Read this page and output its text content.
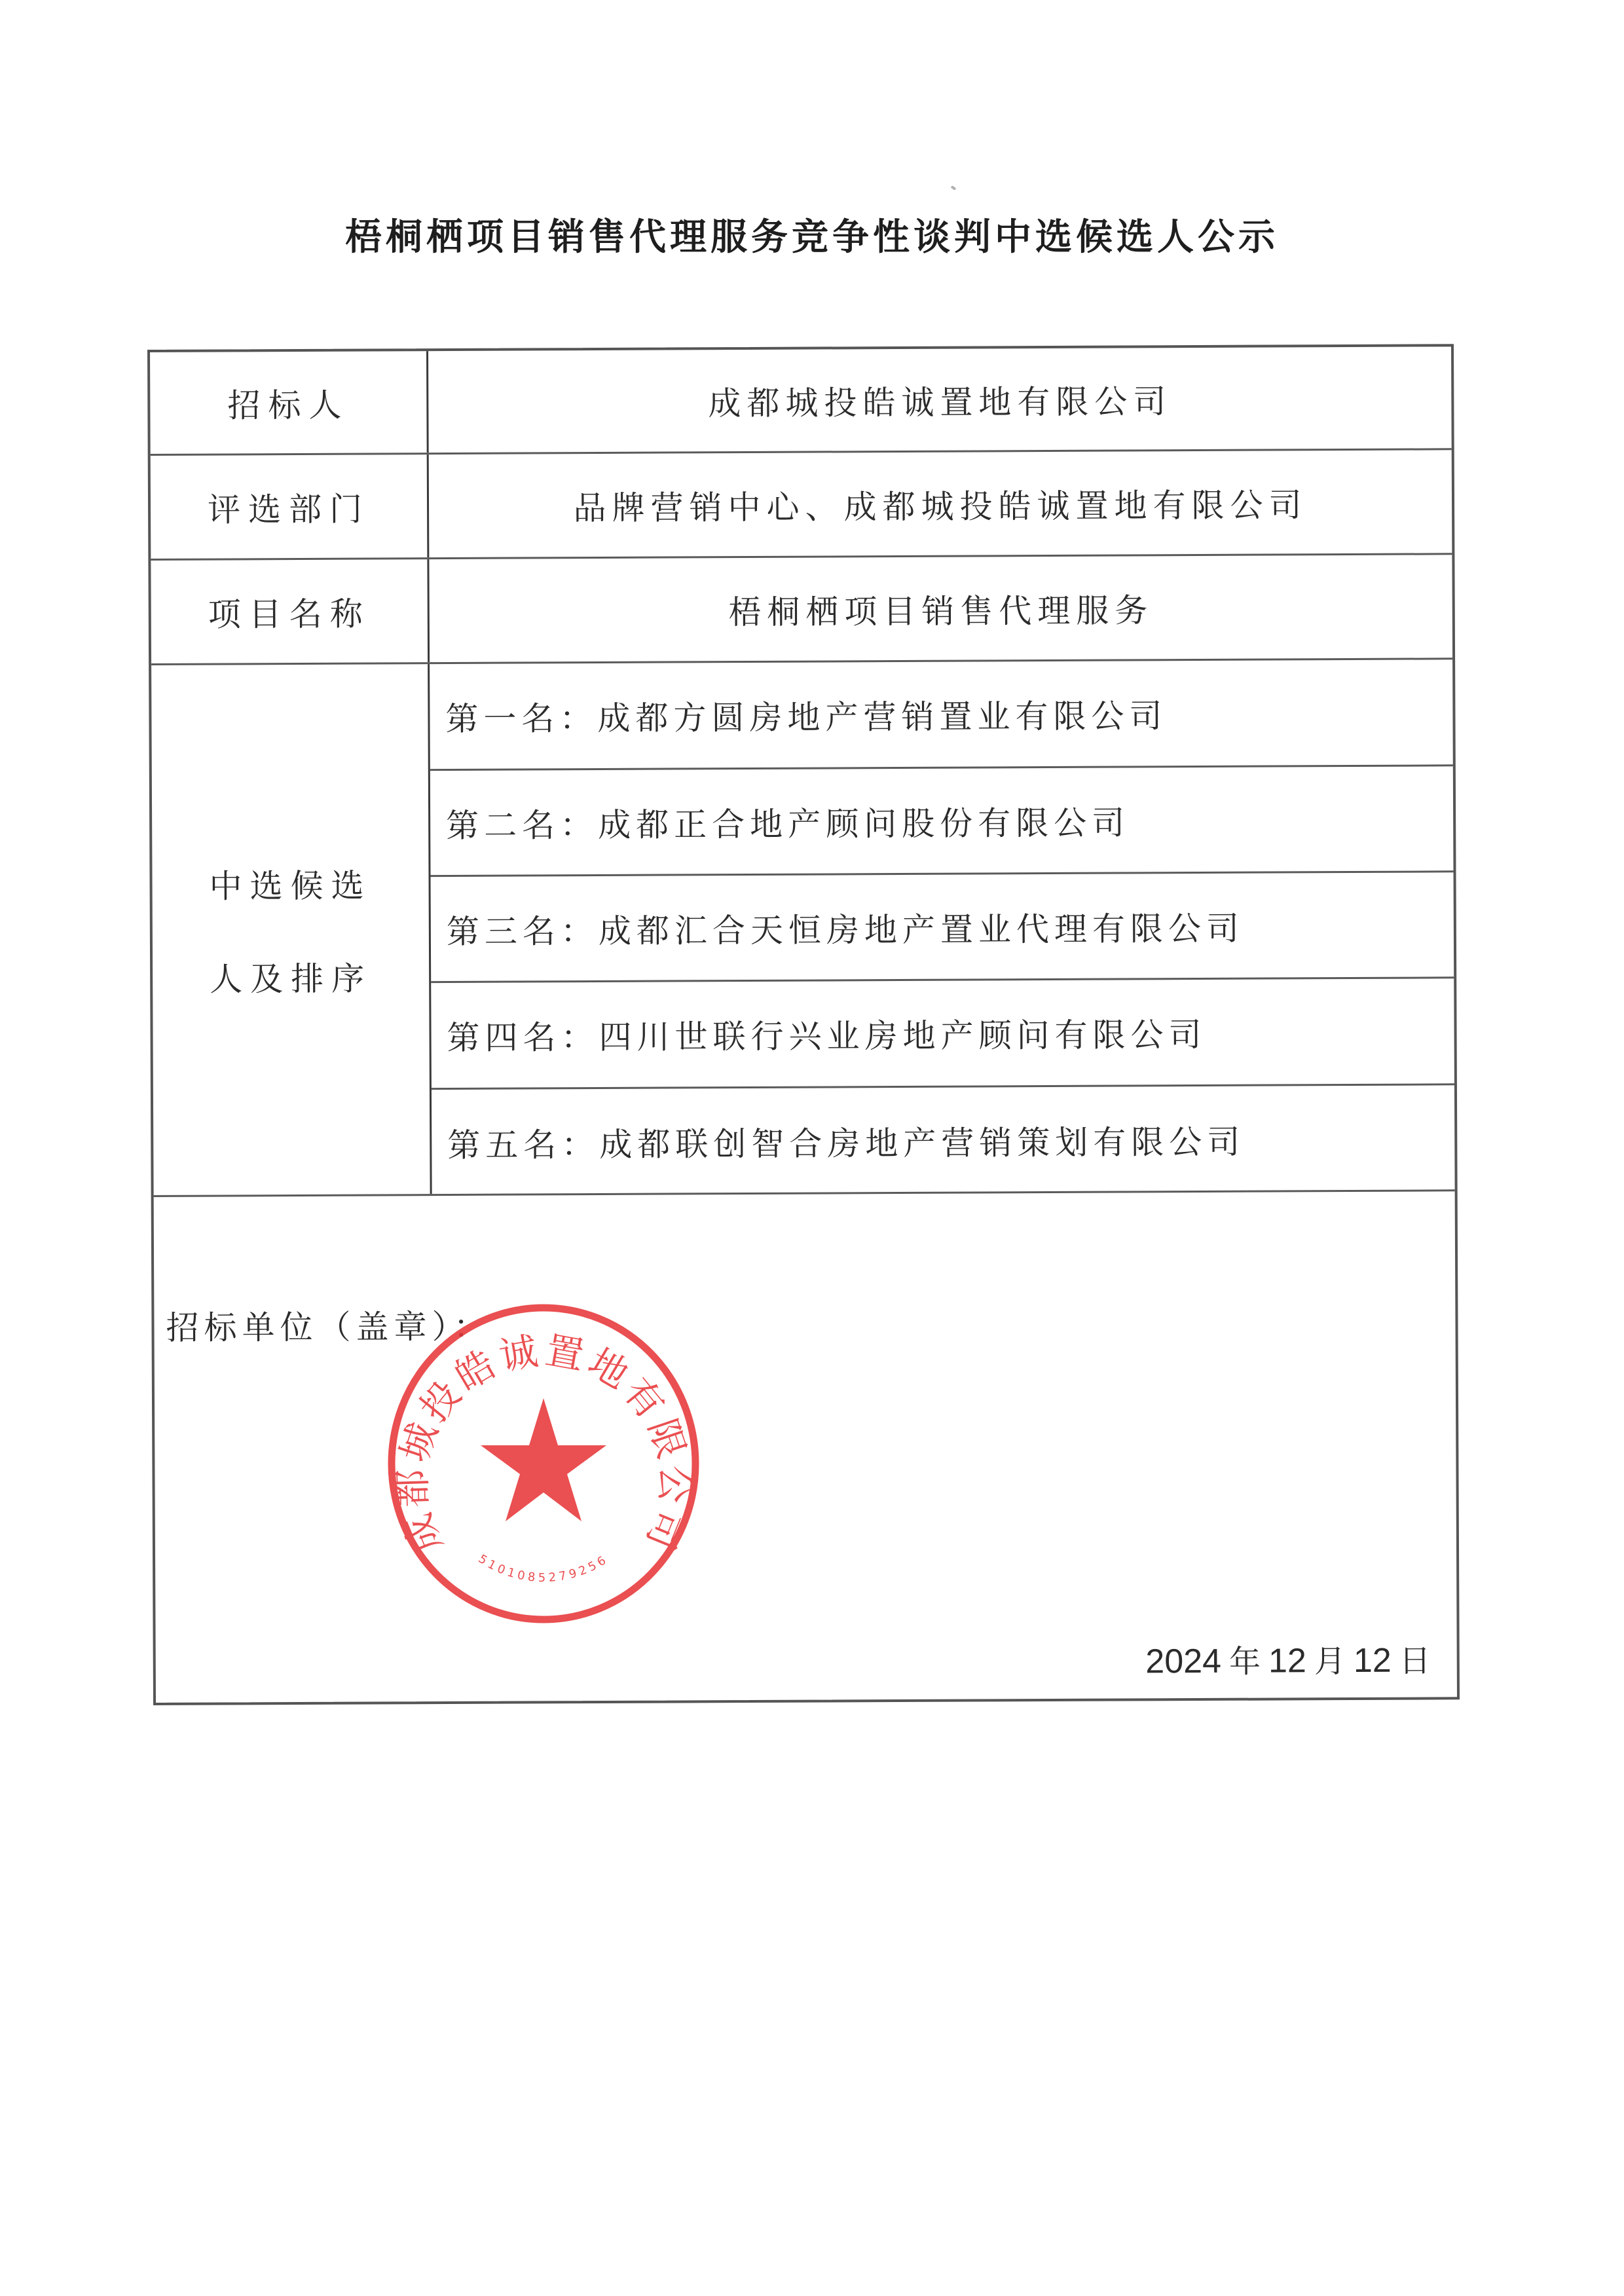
梧桐栖项目销售代理服务竞争性谈判中选候选人公示
招标人	成都城投皓诚置地有限公司
评选部门	品牌营销中心、成都城投皓诚置地有限公司
项目名称	梧桐栖项目销售代理服务
中选候选
人及排序
第一名： 成都方圆房地产营销置业有限公司
第二名： 成都正合地产顾问股份有限公司
第三名： 成都汇合天恒房地产置业代理有限公司
第四名： 四川世联行兴业房地产顾问有限公司
第五名： 成都联创智合房地产营销策划有限公司
招标单位（盖章）：
2024 年 12 月 12 日
成都城投皓诚置地有限公司
5101085279256
